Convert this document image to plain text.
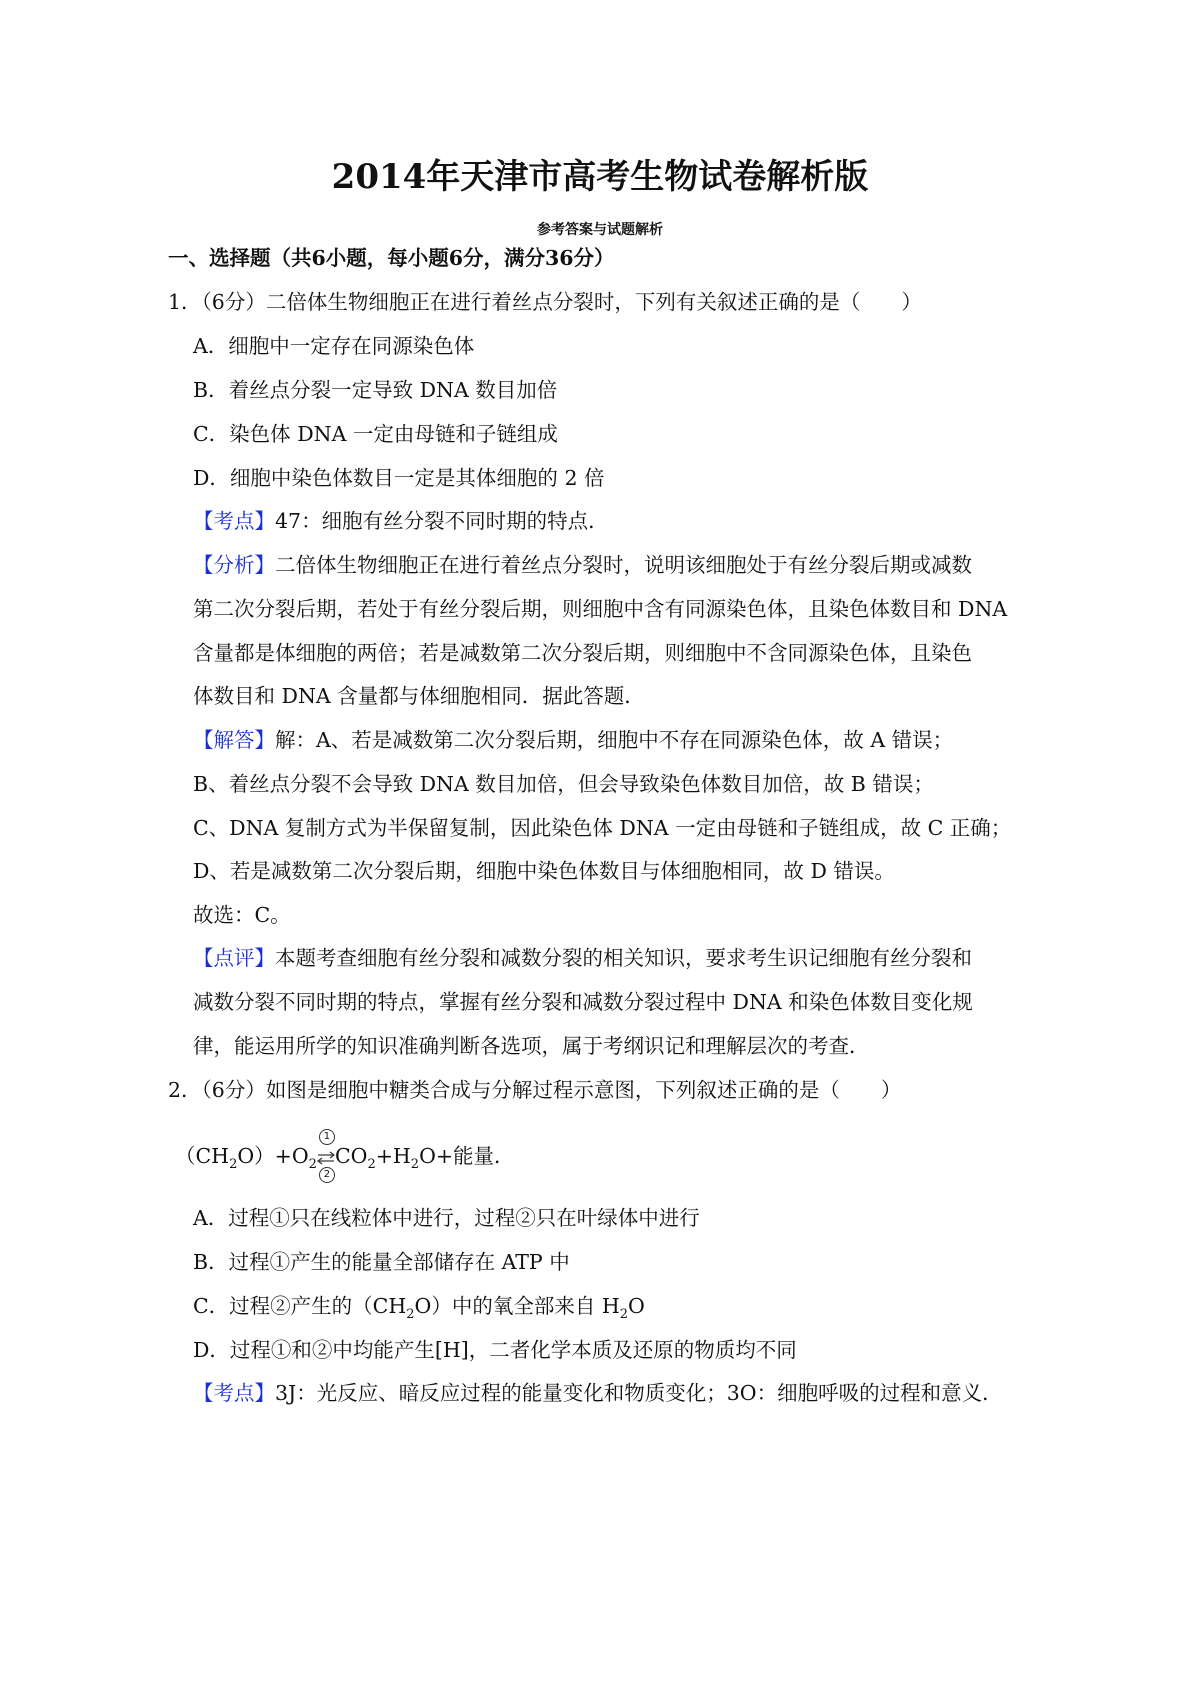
2014年天津市高考生物试卷解析版
参考答案与试题解析
一、选择题（共6小题，每小题6分，满分36分）
1．（6分）二倍体生物细胞正在进行着丝点分裂时，下列有关叙述正确的是（　　）
A．细胞中一定存在同源染色体
B．着丝点分裂一定导致 DNA 数目加倍
C．染色体 DNA 一定由母链和子链组成
D．细胞中染色体数目一定是其体细胞的 2 倍
【考点】47：细胞有丝分裂不同时期的特点．
【分析】二倍体生物细胞正在进行着丝点分裂时，说明该细胞处于有丝分裂后期或减数
第二次分裂后期，若处于有丝分裂后期，则细胞中含有同源染色体，且染色体数目和 DNA
含量都是体细胞的两倍；若是减数第二次分裂后期，则细胞中不含同源染色体，且染色
体数目和 DNA 含量都与体细胞相同．据此答题．
【解答】解：A、若是减数第二次分裂后期，细胞中不存在同源染色体，故 A 错误；
B、着丝点分裂不会导致 DNA 数目加倍，但会导致染色体数目加倍，故 B 错误；
C、DNA 复制方式为半保留复制，因此染色体 DNA 一定由母链和子链组成，故 C 正确；
D、若是减数第二次分裂后期，细胞中染色体数目与体细胞相同，故 D 错误。
故选：C。
【点评】本题考查细胞有丝分裂和减数分裂的相关知识，要求考生识记细胞有丝分裂和
减数分裂不同时期的特点，掌握有丝分裂和减数分裂过程中 DNA 和染色体数目变化规
律，能运用所学的知识准确判断各选项，属于考纲识记和理解层次的考查．
2．（6分）如图是细胞中糖类合成与分解过程示意图，下列叙述正确的是（　　）
$(CH_2O)+O_2 \frac{1}{2} CO_2+H_2O+$能量．
A．过程①只在线粒体中进行，过程②只在叶绿体中进行
B．过程①产生的能量全部储存在 ATP 中
C．过程②产生的$(CH_2O)$中的氧全部来自 $H_2O$
D．过程①和②中均能产生[H]，二者化学本质及还原的物质均不同
【考点】3J：光反应、暗反应过程的能量变化和物质变化；3O：细胞呼吸的过程和意义．
